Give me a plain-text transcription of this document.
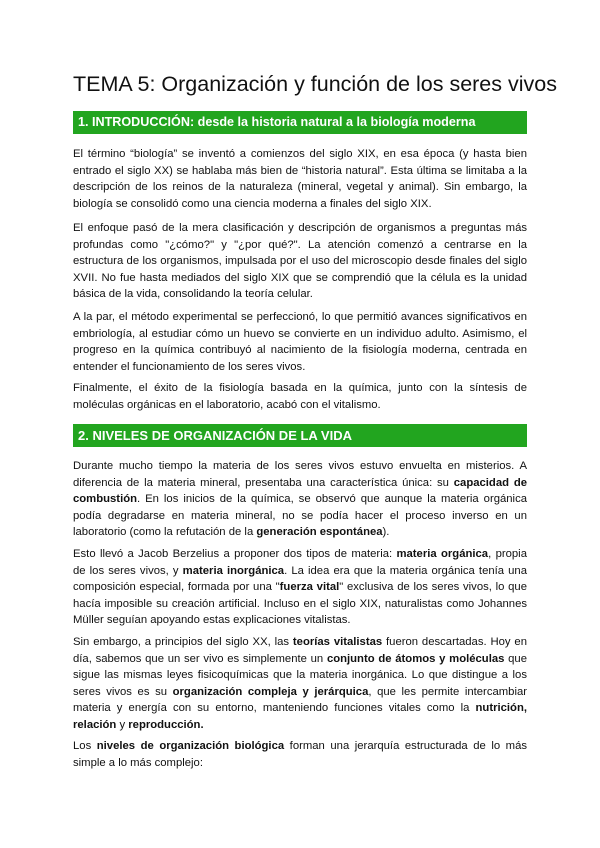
TEMA 5: Organización y función de los seres vivos
1. INTRODUCCIÓN: desde la historia natural a la biología moderna

El término “biología” se inventó a comienzos del siglo XIX, en esa época (y hasta bien entrado el siglo XX) se hablaba más bien de “historia natural”. Esta última se limitaba a la descripción de los reinos de la naturaleza (mineral, vegetal y animal). Sin embargo, la biología se consolidó como una ciencia moderna a finales del siglo XIX.

El enfoque pasó de la mera clasificación y descripción de organismos a preguntas más profundas como "¿cómo?" y "¿por qué?". La atención comenzó a centrarse en la estructura de los organismos, impulsada por el uso del microscopio desde finales del siglo XVII. No fue hasta mediados del siglo XIX que se comprendió que la célula es la unidad básica de la vida, consolidando la teoría celular.

A la par, el método experimental se perfeccionó, lo que permitió avances significativos en embriología, al estudiar cómo un huevo se convierte en un individuo adulto. Asimismo, el progreso en la química contribuyó al nacimiento de la fisiología moderna, centrada en entender el funcionamiento de los seres vivos.

Finalmente, el éxito de la fisiología basada en la química, junto con la síntesis de moléculas orgánicas en el laboratorio, acabó con el vitalismo.

2. NIVELES DE ORGANIZACIÓN DE LA VIDA

Durante mucho tiempo la materia de los seres vivos estuvo envuelta en misterios. A diferencia de la materia mineral, presentaba una característica única: su capacidad de combustión. En los inicios de la química, se observó que aunque la materia orgánica podía degradarse en materia mineral, no se podía hacer el proceso inverso en un laboratorio (como la refutación de la generación espontánea).

Esto llevó a Jacob Berzelius a proponer dos tipos de materia: materia orgánica, propia de los seres vivos, y materia inorgánica. La idea era que la materia orgánica tenía una composición especial, formada por una "fuerza vital" exclusiva de los seres vivos, lo que hacía imposible su creación artificial. Incluso en el siglo XIX, naturalistas como Johannes Müller seguían apoyando estas explicaciones vitalistas.

Sin embargo, a principios del siglo XX, las teorías vitalistas fueron descartadas. Hoy en día, sabemos que un ser vivo es simplemente un conjunto de átomos y moléculas que sigue las mismas leyes fisicoquímicas que la materia inorgánica. Lo que distingue a los seres vivos es su organización compleja y jerárquica, que les permite intercambiar materia y energía con su entorno, manteniendo funciones vitales como la nutrición, relación y reproducción.

Los niveles de organización biológica forman una jerarquía estructurada de lo más simple a lo más complejo:
